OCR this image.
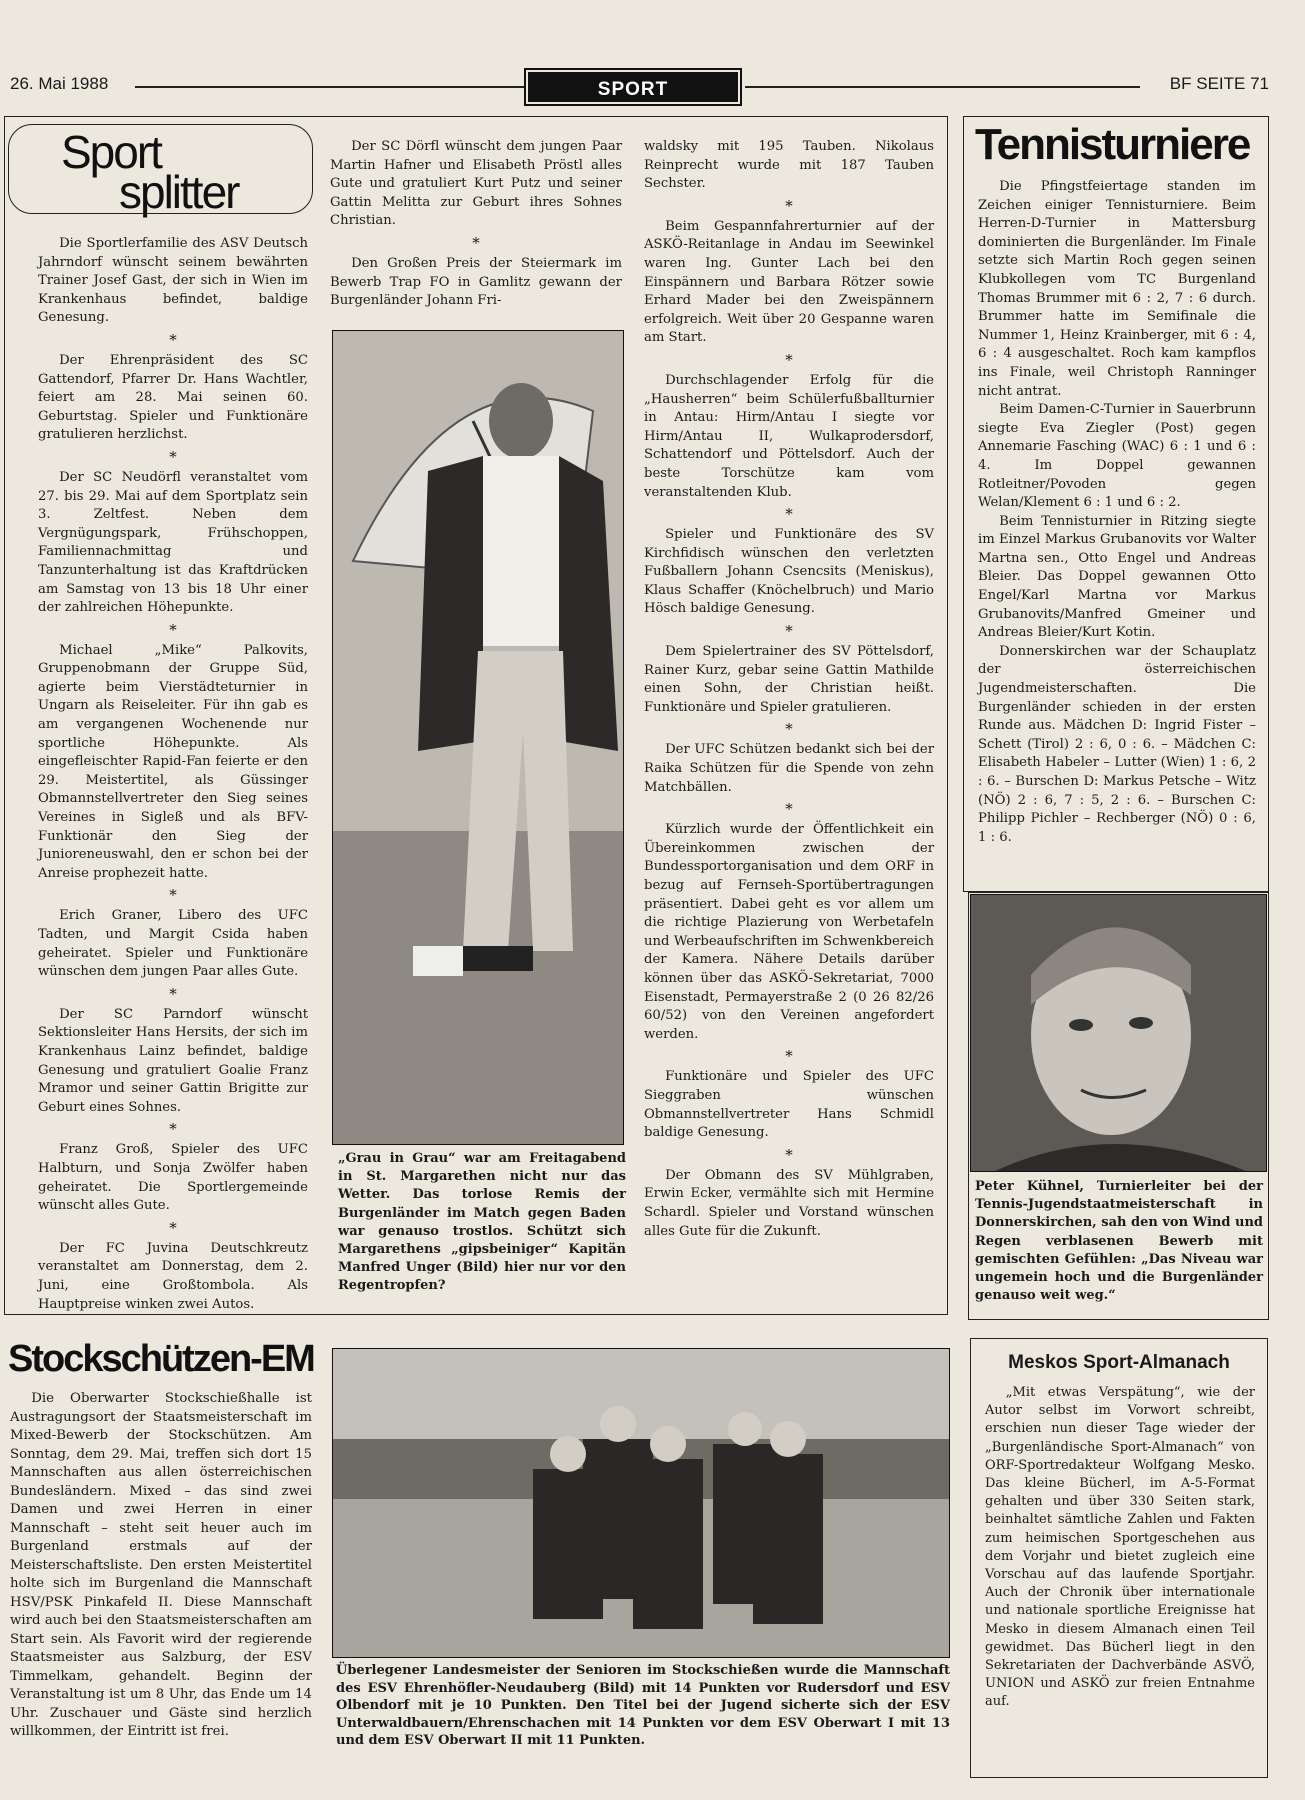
26. Mai 1988	SPORT	BF SEITE 71
Sport
splitter

Die Sportlerfamilie des ASV Deutsch Jahrndorf wünscht seinem bewährten Trainer Josef Gast, der sich in Wien im Krankenhaus befindet, baldige Genesung.

*

Der Ehrenpräsident des SC Gattendorf, Pfarrer Dr. Hans Wachtler, feiert am 28. Mai seinen 60. Geburtstag. Spieler und Funktionäre gratulieren herzlichst.

*

Der SC Neudörfl veranstaltet vom 27. bis 29. Mai auf dem Sportplatz sein 3. Zeltfest. Neben dem Vergnügungspark, Frühschoppen, Familiennachmittag und Tanzunterhaltung ist das Kraftdrücken am Samstag von 13 bis 18 Uhr einer der zahlreichen Höhepunkte.

*

Michael „Mike“ Palkovits, Gruppenobmann der Gruppe Süd, agierte beim Vierstädteturnier in Ungarn als Reiseleiter. Für ihn gab es am vergangenen Wochenende nur sportliche Höhepunkte. Als eingefleischter Rapid-Fan feierte er den 29. Meistertitel, als Güssinger Obmannstellvertreter den Sieg seines Vereines in Sigleß und als BFV-Funktionär den Sieg der Junioreneuswahl, den er schon bei der Anreise prophezeit hatte.

*

Erich Graner, Libero des UFC Tadten, und Margit Csida haben geheiratet. Spieler und Funktionäre wünschen dem jungen Paar alles Gute.

*

Der SC Parndorf wünscht Sektionsleiter Hans Hersits, der sich im Krankenhaus Lainz befindet, baldige Genesung und gratuliert Goalie Franz Mramor und seiner Gattin Brigitte zur Geburt eines Sohnes.

*

Franz Groß, Spieler des UFC Halbturn, und Sonja Zwölfer haben geheiratet. Die Sportlergemeinde wünscht alles Gute.

*

Der FC Juvina Deutschkreutz veranstaltet am Donnerstag, dem 2. Juni, eine Großtombola. Als Hauptpreise winken zwei Autos.

Der SC Dörfl wünscht dem jungen Paar Martin Hafner und Elisabeth Pröstl alles Gute und gratuliert Kurt Putz und seiner Gattin Melitta zur Geburt ihres Sohnes Christian.

*

Den Großen Preis der Steiermark im Bewerb Trap FO in Gamlitz gewann der Burgenländer Johann Fri-

„Grau in Grau“ war am Freitagabend in St. Margarethen nicht nur das Wetter. Das torlose Remis der Burgenländer im Match gegen Baden war genauso trostlos. Schützt sich Margarethens „gipsbeiniger“ Kapitän Manfred Unger (Bild) hier nur vor den Regentropfen?

waldsky mit 195 Tauben. Nikolaus Reinprecht wurde mit 187 Tauben Sechster.

*

Beim Gespannfahrerturnier auf der ASKÖ-Reitanlage in Andau im Seewinkel waren Ing. Gunter Lach bei den Einspännern und Barbara Rötzer sowie Erhard Mader bei den Zweispännern erfolgreich. Weit über 20 Gespanne waren am Start.

*

Durchschlagender Erfolg für die „Hausherren“ beim Schülerfußballturnier in Antau: Hirm/Antau I siegte vor Hirm/Antau II, Wulkaprodersdorf, Schattendorf und Pöttelsdorf. Auch der beste Torschütze kam vom veranstaltenden Klub.

*

Spieler und Funktionäre des SV Kirchfidisch wünschen den verletzten Fußballern Johann Csencsits (Meniskus), Klaus Schaffer (Knöchelbruch) und Mario Hösch baldige Genesung.

*

Dem Spielertrainer des SV Pöttelsdorf, Rainer Kurz, gebar seine Gattin Mathilde einen Sohn, der Christian heißt. Funktionäre und Spieler gratulieren.

*

Der UFC Schützen bedankt sich bei der Raika Schützen für die Spende von zehn Matchbällen.

*

Kürzlich wurde der Öffentlichkeit ein Übereinkommen zwischen der Bundessportorganisation und dem ORF in bezug auf Fernseh-Sportübertragungen präsentiert. Dabei geht es vor allem um die richtige Plazierung von Werbetafeln und Werbeaufschriften im Schwenkbereich der Kamera. Nähere Details darüber können über das ASKÖ-Sekretariat, 7000 Eisenstadt, Permayerstraße 2 (0 26 82/26 60/52) von den Vereinen angefordert werden.

*

Funktionäre und Spieler des UFC Sieggraben wünschen Obmannstellvertreter Hans Schmidl baldige Genesung.

*

Der Obmann des SV Mühlgraben, Erwin Ecker, vermählte sich mit Hermine Schardl. Spieler und Vorstand wünschen alles Gute für die Zukunft.

Tennisturniere

Die Pfingstfeiertage standen im Zeichen einiger Tennisturniere. Beim Herren-D-Turnier in Mattersburg dominierten die Burgenländer. Im Finale setzte sich Martin Roch gegen seinen Klubkollegen vom TC Burgenland Thomas Brummer mit 6 : 2, 7 : 6 durch. Brummer hatte im Semifinale die Nummer 1, Heinz Krainberger, mit 6 : 4, 6 : 4 ausgeschaltet. Roch kam kampflos ins Finale, weil Christoph Ranninger nicht antrat.

Beim Damen-C-Turnier in Sauerbrunn siegte Eva Ziegler (Post) gegen Annemarie Fasching (WAC) 6 : 1 und 6 : 4. Im Doppel gewannen Rotleitner/Povoden gegen Welan/Klement 6 : 1 und 6 : 2.

Beim Tennisturnier in Ritzing siegte im Einzel Markus Grubanovits vor Walter Martna sen., Otto Engel und Andreas Bleier. Das Doppel gewannen Otto Engel/Karl Martna vor Markus Grubanovits/Manfred Gmeiner und Andreas Bleier/Kurt Kotin.

Donnerskirchen war der Schauplatz der österreichischen Jugendmeisterschaften. Die Burgenländer schieden in der ersten Runde aus. Mädchen D: Ingrid Fister – Schett (Tirol) 2 : 6, 0 : 6. – Mädchen C: Elisabeth Habeler – Lutter (Wien) 1 : 6, 2 : 6. – Burschen D: Markus Petsche – Witz (NÖ) 2 : 6, 7 : 5, 2 : 6. – Burschen C: Philipp Pichler – Rechberger (NÖ) 0 : 6, 1 : 6.

Peter Kühnel, Turnierleiter bei der Tennis-Jugendstaatmeisterschaft in Donnerskirchen, sah den von Wind und Regen verblasenen Bewerb mit gemischten Gefühlen: „Das Niveau war ungemein hoch und die Burgenländer genauso weit weg.“
Stockschützen-EM

Die Oberwarter Stockschießhalle ist Austragungsort der Staatsmeisterschaft im Mixed-Bewerb der Stockschützen. Am Sonntag, dem 29. Mai, treffen sich dort 15 Mannschaften aus allen österreichischen Bundesländern. Mixed – das sind zwei Damen und zwei Herren in einer Mannschaft – steht seit heuer auch im Burgenland erstmals auf der Meisterschaftsliste. Den ersten Meistertitel holte sich im Burgenland die Mannschaft HSV/PSK Pinkafeld II. Diese Mannschaft wird auch bei den Staatsmeisterschaften am Start sein. Als Favorit wird der regierende Staatsmeister aus Salzburg, der ESV Timmelkam, gehandelt. Beginn der Veranstaltung ist um 8 Uhr, das Ende um 14 Uhr. Zuschauer und Gäste sind herzlich willkommen, der Eintritt ist frei.

Überlegener Landesmeister der Senioren im Stockschießen wurde die Mannschaft des ESV Ehrenhöfler-Neudauberg (Bild) mit 14 Punkten vor Rudersdorf und ESV Olbendorf mit je 10 Punkten. Den Titel bei der Jugend sicherte sich der ESV Unterwaldbauern/Ehrenschachen mit 14 Punkten vor dem ESV Oberwart I mit 13 und dem ESV Oberwart II mit 11 Punkten.
Meskos Sport-Almanach

„Mit etwas Verspätung“, wie der Autor selbst im Vorwort schreibt, erschien nun dieser Tage wieder der „Burgenländische Sport-Almanach“ von ORF-Sportredakteur Wolfgang Mesko. Das kleine Bücherl, im A-5-Format gehalten und über 330 Seiten stark, beinhaltet sämtliche Zahlen und Fakten zum heimischen Sportgeschehen aus dem Vorjahr und bietet zugleich eine Vorschau auf das laufende Sportjahr. Auch der Chronik über internationale und nationale sportliche Ereignisse hat Mesko in diesem Almanach einen Teil gewidmet. Das Bücherl liegt in den Sekretariaten der Dachverbände ASVÖ, UNION und ASKÖ zur freien Entnahme auf.
